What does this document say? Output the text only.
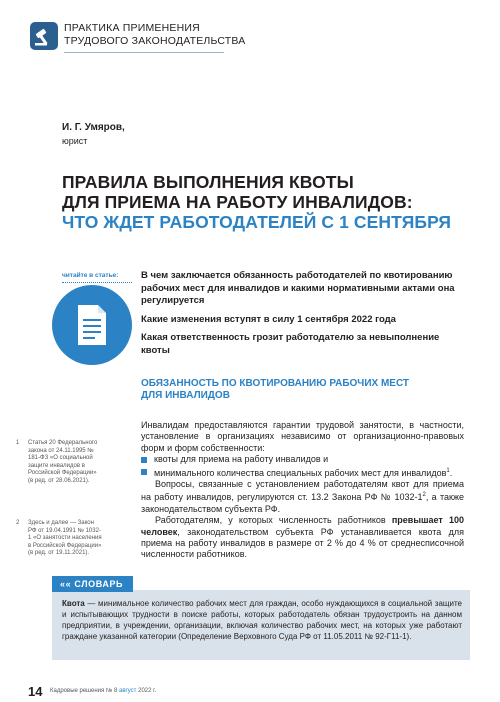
ПРАКТИКА ПРИМЕНЕНИЯ
ТРУДОВОГО ЗАКОНОДАТЕЛЬСТВА
И. Г. Умяров,
юрист
ПРАВИЛА ВЫПОЛНЕНИЯ КВОТЫ
ДЛЯ ПРИЕМА НА РАБОТУ ИНВАЛИДОВ:
ЧТО ЖДЕТ РАБОТОДАТЕЛЕЙ С 1 СЕНТЯБРЯ
читайте в статье: В чем заключается обязанность работодателей по квотированию рабочих мест для инвалидов и какими нормативными актами она регулируется

Какие изменения вступят в силу 1 сентября 2022 года

Какая ответственность грозит работодателю за невыполнение квоты

ОБЯЗАННОСТЬ ПО КВОТИРОВАНИЮ РАБОЧИХ МЕСТ
ДЛЯ ИНВАЛИДОВ

Инвалидам предоставляются гарантии трудовой занятости, в частности, установление в организациях независимо от организационно-правовых форм и форм собственности:

квоты для приема на работу инвалидов и
минимального количества специальных рабочих мест для инвалидов$^1$.

Вопросы, связанные с установлением работодателям квот для приема на работу инвалидов, регулируются ст. 13.2 Закона РФ № $1032-1^2$, а также законодательством субъекта РФ.

Работодателям, у которых численность работников превышает 100 человек, законодательством субъекта РФ устанавливается квота для приема на работу инвалидов в размере от 2 % до 4 % от среднесписочной численности работников.

1 Статья 20 Федерального закона от 24.11.1995 № 181-ФЗ «О социальной защите инвалидов в Российской Федерации» (в ред. от 28.06.2021).
2 Здесь и далее — Закон РФ от 19.04.1991 № 1032-1 «О занятости населения в Российской Федерации» (в ред. от 19.11.2021).
«« СЛОВАРЬ
Квота — минимальное количество рабочих мест для граждан, особо нуждающихся в социальной защите и испытывающих трудности в поиске работы, которых работодатель обязан трудоустроить на данном предприятии, в учреждении, организации, включая количество рабочих мест, на которых уже работают граждане указанной категории (Определение Верховного Суда РФ от 11.05.2011 № 92-Г11-1).
14 Кадровые решения № 8 август 2022 г.
